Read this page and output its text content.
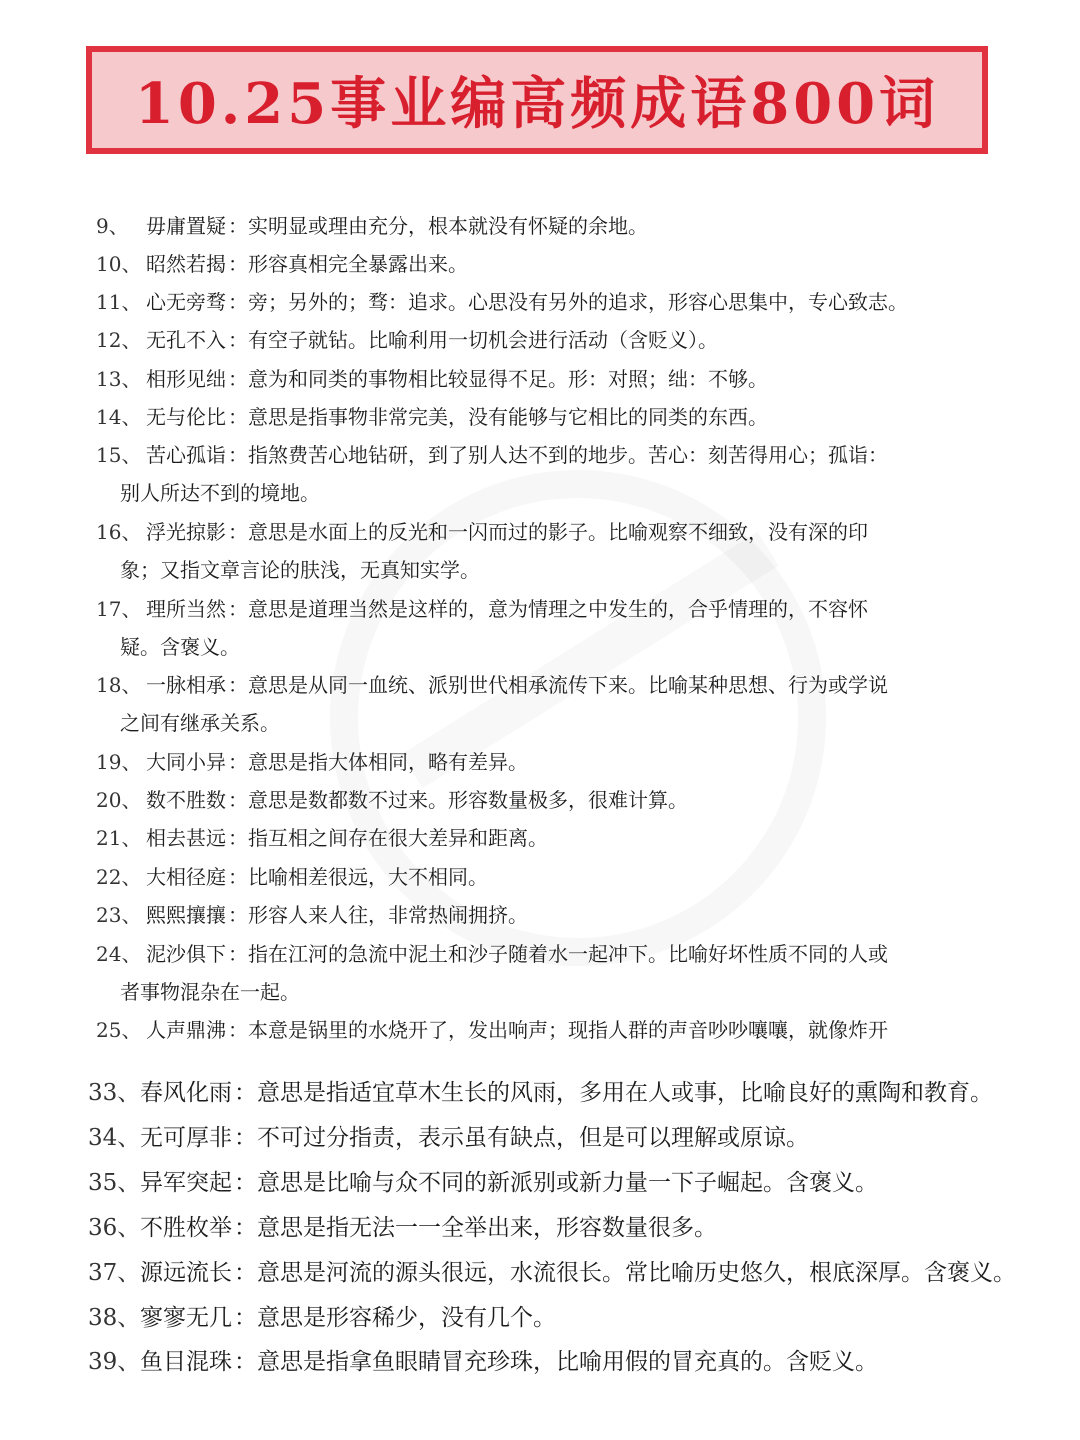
10.25事业编高频成语800词
9、 毋庸置疑 ：实明显或理由充分，根本就没有怀疑的余地。
10、 昭然若揭 ：形容真相完全暴露出来。
11、 心无旁骛 ：旁；另外的；骛：追求。心思没有另外的追求，形容心思集中，专心致志。
12、 无孔不入 ：有空子就钻。比喻利用一切机会进行活动（含贬义）。
13、 相形见绌 ：意为和同类的事物相比较显得不足。形：对照；绌：不够。
14、 无与伦比 ：意思是指事物非常完美，没有能够与它相比的同类的东西。
15、 苦心孤诣 ：指煞费苦心地钻研，到了别人达不到的地步。苦心：刻苦得用心；孤诣：
别人所达不到的境地。
16、 浮光掠影 ：意思是水面上的反光和一闪而过的影子。比喻观察不细致，没有深的印
象；又指文章言论的肤浅，无真知实学。
17、 理所当然 ：意思是道理当然是这样的，意为情理之中发生的，合乎情理的，不容怀
疑。含褒义。
18、 一脉相承 ：意思是从同一血统、派别世代相承流传下来。比喻某种思想、行为或学说
之间有继承关系。
19、 大同小异 ：意思是指大体相同，略有差异。
20、 数不胜数 ：意思是数都数不过来。形容数量极多，很难计算。
21、 相去甚远 ：指互相之间存在很大差异和距离。
22、 大相径庭 ：比喻相差很远，大不相同。
23、 熙熙攘攘 ：形容人来人往，非常热闹拥挤。
24、 泥沙俱下 ：指在江河的急流中泥土和沙子随着水一起冲下。比喻好坏性质不同的人或
者事物混杂在一起。
25、 人声鼎沸 ：本意是锅里的水烧开了，发出响声；现指人群的声音吵吵嚷嚷，就像炸开
33、春风化雨：意思是指适宜草木生长的风雨，多用在人或事，比喻良好的熏陶和教育。
34、无可厚非：不可过分指责，表示虽有缺点，但是可以理解或原谅。
35、异军突起：意思是比喻与众不同的新派别或新力量一下子崛起。含褒义。
36、不胜枚举：意思是指无法一一全举出来，形容数量很多。
37、源远流长：意思是河流的源头很远，水流很长。常比喻历史悠久，根底深厚。含褒义。
38、寥寥无几：意思是形容稀少，没有几个。
39、鱼目混珠：意思是指拿鱼眼睛冒充珍珠，比喻用假的冒充真的。含贬义。
